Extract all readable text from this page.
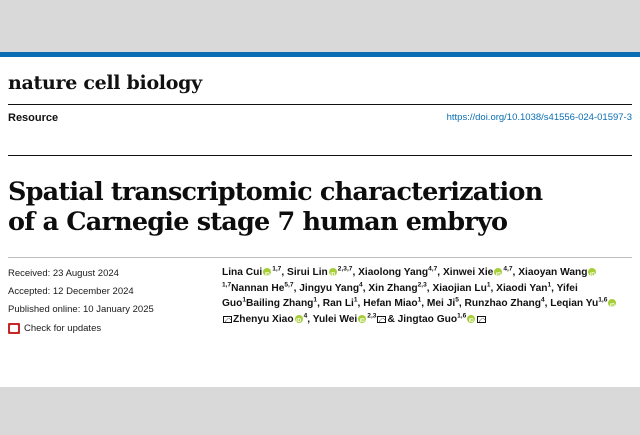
nature cell biology
Resource	https://doi.org/10.1038/s41556-024-01597-3
Spatial transcriptomic characterization of a Carnegie stage 7 human embryo
Received: 23 August 2024
Accepted: 12 December 2024
Published online: 10 January 2025
Check for updates
Lina Cui iD $^{1,7}$, Sirui Lin iD $^{2,3,7}$, Xiaolong Yang$^{4,7}$, Xinwei Xie iD $^{4,7}$, Xiaoyan WangiD$^{1,7}$Nannan He$^{5,7}$, Jingyu Yang$^4$, Xin Zhang$^{2,3}$, Xiaojian Lu$^1$, Xiaodi Yan$^1$, Yifei Guo$^1$Bailing Zhang$^1$, Ran Li$^1$, Hefan Miao$^1$, Mei Ji$^5$, Runzhao Zhang$^4$, Leqian Yu$^{1,6}$iDZhenyu Xiao iD $^4$, Yulei Wei iD $^{2,3}$ & Jingtao Guo$^{1,6}$iD
